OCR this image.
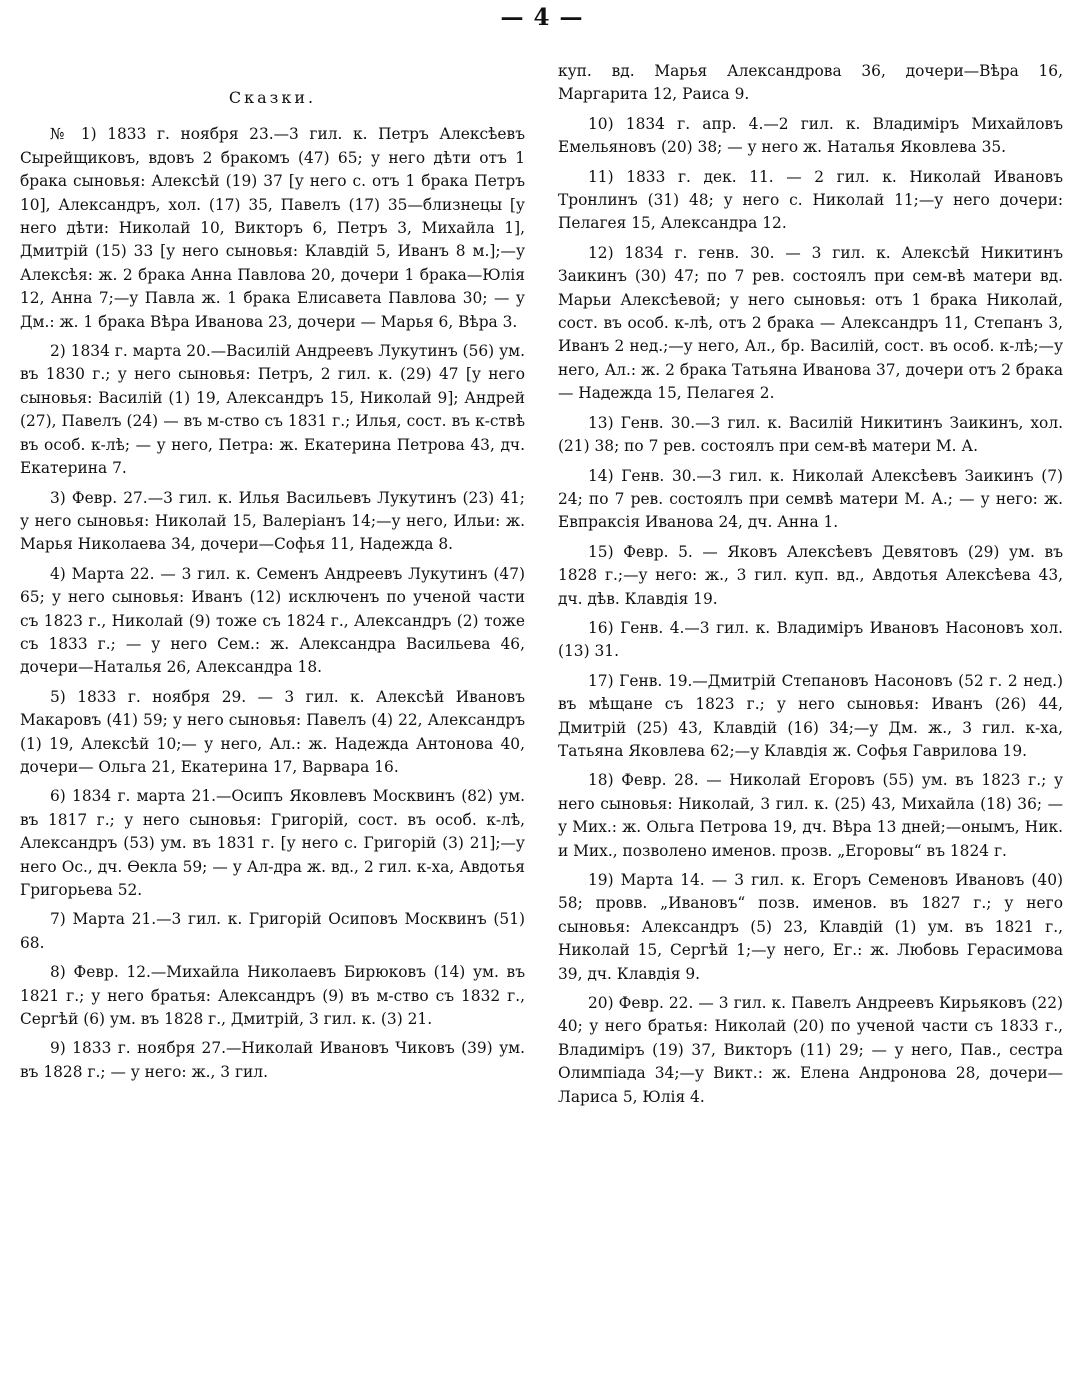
— 4 —
Сказки.

№ 1) 1833 г. ноября 23.—3 гил. к. Петръ Алексѣевъ Сырейщиковъ, вдовъ 2 бракомъ (47) 65; у него дѣти отъ 1 брака сыновья: Алексѣй (19) 37 [у него с. отъ 1 брака Петръ 10], Александръ, хол. (17) 35, Павелъ (17) 35—близнецы [у него дѣти: Николай 10, Викторъ 6, Петръ 3, Михайла 1], Дмитрій (15) 33 [у него сыновья: Клавдій 5, Иванъ 8 м.];—у Алексѣя: ж. 2 брака Анна Павлова 20, дочери 1 брака—Юлія 12, Анна 7;—у Павла ж. 1 брака Елисавета Павлова 30; — у Дм.: ж. 1 брака Вѣра Иванова 23, дочери — Марья 6, Вѣра 3.

2) 1834 г. марта 20.—Василій Андреевъ Лукутинъ (56) ум. въ 1830 г.; у него сыновья: Петръ, 2 гил. к. (29) 47 [у него сыновья: Василій (1) 19, Александръ 15, Николай 9]; Андрей (27), Павелъ (24) — въ м-ство съ 1831 г.; Илья, сост. въ к-ствѣ въ особ. к-лѣ; — у него, Петра: ж. Екатерина Петрова 43, дч. Екатерина 7.

3) Февр. 27.—3 гил. к. Илья Васильевъ Лукутинъ (23) 41; у него сыновья: Николай 15, Валеріанъ 14;—у него, Ильи: ж. Марья Николаева 34, дочери—Софья 11, Надежда 8.

4) Марта 22. — 3 гил. к. Семенъ Андреевъ Лукутинъ (47) 65; у него сыновья: Иванъ (12) исключенъ по ученой части съ 1823 г., Николай (9) тоже съ 1824 г., Александръ (2) тоже съ 1833 г.; — у него Сем.: ж. Александра Васильева 46, дочери—Наталья 26, Александра 18.

5) 1833 г. ноября 29. — 3 гил. к. Алексѣй Ивановъ Макаровъ (41) 59; у него сыновья: Павелъ (4) 22, Александръ (1) 19, Алексѣй 10;— у него, Ал.: ж. Надежда Антонова 40, дочери— Ольга 21, Екатерина 17, Варвара 16.

6) 1834 г. марта 21.—Осипъ Яковлевъ Москвинъ (82) ум. въ 1817 г.; у него сыновья: Григорій, сост. въ особ. к-лѣ, Александръ (53) ум. въ 1831 г. [у него с. Григорій (3) 21];—у него Ос., дч. Ѳекла 59; — у Ал-дра ж. вд., 2 гил. к-ха, Авдотья Григорьева 52.

7) Марта 21.—3 гил. к. Григорій Осиповъ Москвинъ (51) 68.

8) Февр. 12.—Михайла Николаевъ Бирюковъ (14) ум. въ 1821 г.; у него братья: Александръ (9) въ м-ство съ 1832 г., Сергѣй (6) ум. въ 1828 г., Дмитрій, 3 гил. к. (3) 21.

9) 1833 г. ноября 27.—Николай Ивановъ Чиковъ (39) ум. въ 1828 г.; — у него: ж., 3 гил.

куп. вд. Марья Александрова 36, дочери—Вѣра 16, Маргарита 12, Раиса 9.

10) 1834 г. апр. 4.—2 гил. к. Владиміръ Михайловъ Емельяновъ (20) 38; — у него ж. Наталья Яковлева 35.

11) 1833 г. дек. 11. — 2 гил. к. Николай Ивановъ Тронлинъ (31) 48; у него с. Николай 11;—у него дочери: Пелагея 15, Александра 12.

12) 1834 г. генв. 30. — 3 гил. к. Алексѣй Никитинъ Заикинъ (30) 47; по 7 рев. состоялъ при сем-вѣ матери вд. Марьи Алексѣевой; у него сыновья: отъ 1 брака Николай, сост. въ особ. к-лѣ, отъ 2 брака — Александръ 11, Степанъ 3, Иванъ 2 нед.;—у него, Ал., бр. Василій, сост. въ особ. к-лѣ;—у него, Ал.: ж. 2 брака Татьяна Иванова 37, дочери отъ 2 брака — Надежда 15, Пелагея 2.

13) Генв. 30.—3 гил. к. Василій Никитинъ Заикинъ, хол. (21) 38; по 7 рев. состоялъ при сем-вѣ матери М. А.

14) Генв. 30.—3 гил. к. Николай Алексѣевъ Заикинъ (7) 24; по 7 рев. состоялъ при семвѣ матери М. А.; — у него: ж. Евпраксія Иванова 24, дч. Анна 1.

15) Февр. 5. — Яковъ Алексѣевъ Девятовъ (29) ум. въ 1828 г.;—у него: ж., 3 гил. куп. вд., Авдотья Алексѣева 43, дч. дѣв. Клавдія 19.

16) Генв. 4.—3 гил. к. Владиміръ Ивановъ Насоновъ хол. (13) 31.

17) Генв. 19.—Дмитрій Степановъ Насоновъ (52 г. 2 нед.) въ мѣщане съ 1823 г.; у него сыновья: Иванъ (26) 44, Дмитрій (25) 43, Клавдій (16) 34;—у Дм. ж., 3 гил. к-ха, Татьяна Яковлева 62;—у Клавдія ж. Софья Гаврилова 19.

18) Февр. 28. — Николай Егоровъ (55) ум. въ 1823 г.; у него сыновья: Николай, 3 гил. к. (25) 43, Михайла (18) 36; — у Мих.: ж. Ольга Петрова 19, дч. Вѣра 13 дней;—онымъ, Ник. и Мих., позволено именов. прозв. „Егоровы“ въ 1824 г.

19) Марта 14. — 3 гил. к. Егоръ Семеновъ Ивановъ (40) 58; провв. „Ивановъ“ позв. именов. въ 1827 г.; у него сыновья: Александръ (5) 23, Клавдій (1) ум. въ 1821 г., Николай 15, Сергѣй 1;—у него, Ег.: ж. Любовь Герасимова 39, дч. Клавдія 9.

20) Февр. 22. — 3 гил. к. Павелъ Андреевъ Кирьяковъ (22) 40; у него братья: Николай (20) по ученой части съ 1833 г., Владиміръ (19) 37, Викторъ (11) 29; — у него, Пав., сестра Олимпіада 34;—у Викт.: ж. Елена Андронова 28, дочери—Лариса 5, Юлія 4.
